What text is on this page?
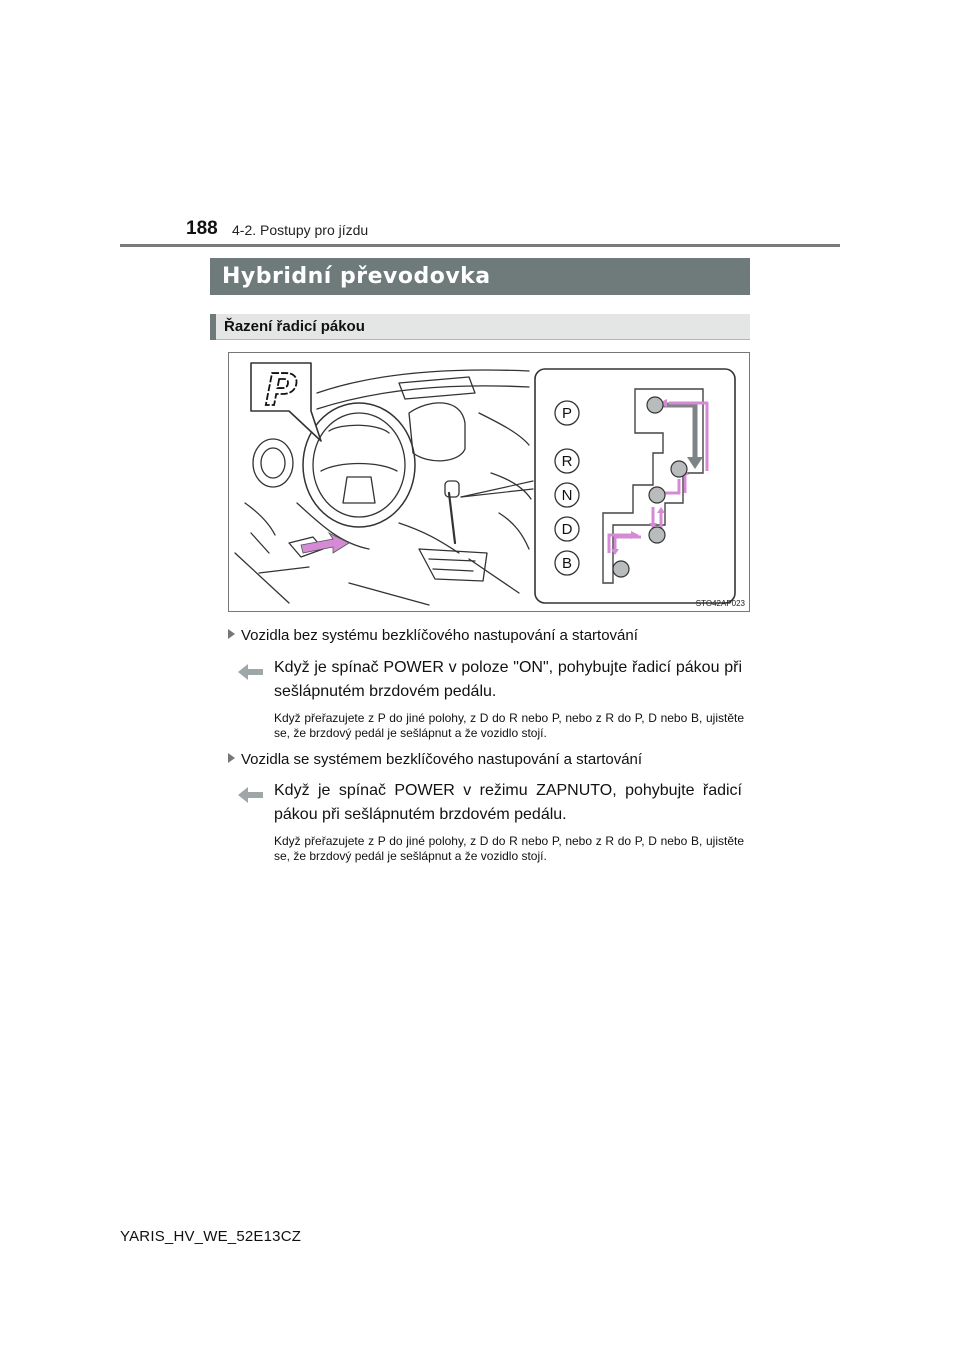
188 4-2. Postupy pro jízdu
Hybridní převodovka
Řazení řadicí pákou
P
R
N
D
B
P
STO42AP023
Vozidla bez systému bezklíčového nastupování a startování
Když je spínač POWER v poloze "ON", pohybujte řadicí pákou při sešlápnutém brzdovém pedálu.
Když přeřazujete z P do jiné polohy, z D do R nebo P, nebo z R do P, D nebo B, ujistěte se, že brzdový pedál je sešlápnut a že vozidlo stojí.
Vozidla se systémem bezklíčového nastupování a startování
Když je spínač POWER v režimu ZAPNUTO, pohybujte řadicí pákou při sešlápnutém brzdovém pedálu.
Když přeřazujete z P do jiné polohy, z D do R nebo P, nebo z R do P, D nebo B, ujistěte se, že brzdový pedál je sešlápnut a že vozidlo stojí.
YARIS_HV_WE_52E13CZ
